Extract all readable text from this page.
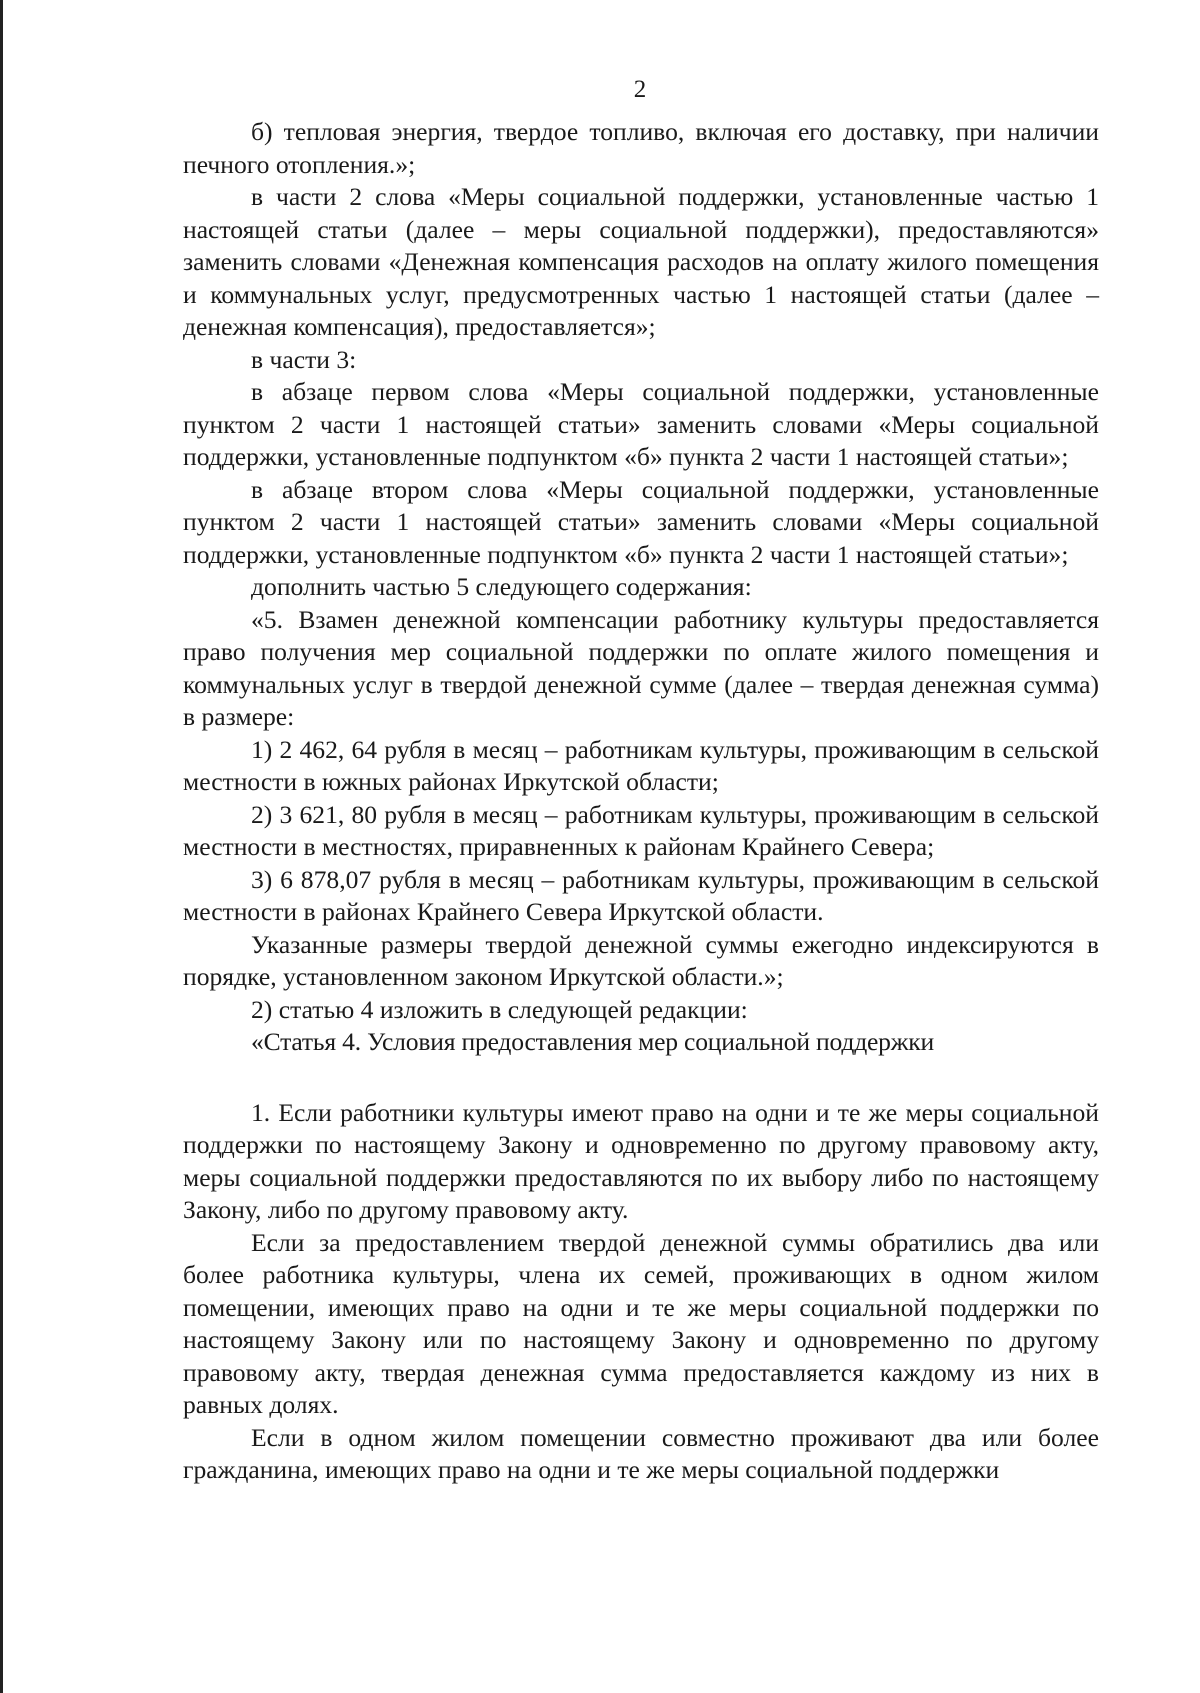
2

б) тепловая энергия, твердое топливо, включая его доставку, при наличии печного отопления.»;

в части 2 слова «Меры социальной поддержки, установленные частью 1 настоящей статьи (далее – меры социальной поддержки), предоставляются» заменить словами «Денежная компенсация расходов на оплату жилого помещения и коммунальных услуг, предусмотренных частью 1 настоящей статьи (далее – денежная компенсация), предоставляется»;

в части 3:

в абзаце первом слова «Меры социальной поддержки, установленные пунктом 2 части 1 настоящей статьи» заменить словами «Меры социальной поддержки, установленные подпунктом «б» пункта 2 части 1 настоящей статьи»;

в абзаце втором слова «Меры социальной поддержки, установленные пунктом 2 части 1 настоящей статьи» заменить словами «Меры социальной поддержки, установленные подпунктом «б» пункта 2 части 1 настоящей статьи»;

дополнить частью 5 следующего содержания:

«5. Взамен денежной компенсации работнику культуры предоставляется право получения мер социальной поддержки по оплате жилого помещения и коммунальных услуг в твердой денежной сумме (далее – твердая денежная сумма) в размере:

1) 2 462, 64 рубля в месяц – работникам культуры, проживающим в сельской местности в южных районах Иркутской области;

2) 3 621, 80 рубля в месяц – работникам культуры, проживающим в сельской местности в местностях, приравненных к районам Крайнего Севера;

3) 6 878,07 рубля в месяц – работникам культуры, проживающим в сельской местности в районах Крайнего Севера Иркутской области.

Указанные размеры твердой денежной суммы ежегодно индексируются в порядке, установленном законом Иркутской области.»;

2) статью 4 изложить в следующей редакции:

«Статья 4. Условия предоставления мер социальной поддержки

1. Если работники культуры имеют право на одни и те же меры социальной поддержки по настоящему Закону и одновременно по другому правовому акту, меры социальной поддержки предоставляются по их выбору либо по настоящему Закону, либо по другому правовому акту.

Если за предоставлением твердой денежной суммы обратились два или более работника культуры, члена их семей, проживающих в одном жилом помещении, имеющих право на одни и те же меры социальной поддержки по настоящему Закону или по настоящему Закону и одновременно по другому правовому акту, твердая денежная сумма предоставляется каждому из них в равных долях.

Если в одном жилом помещении совместно проживают два или более гражданина, имеющих право на одни и те же меры социальной поддержки
